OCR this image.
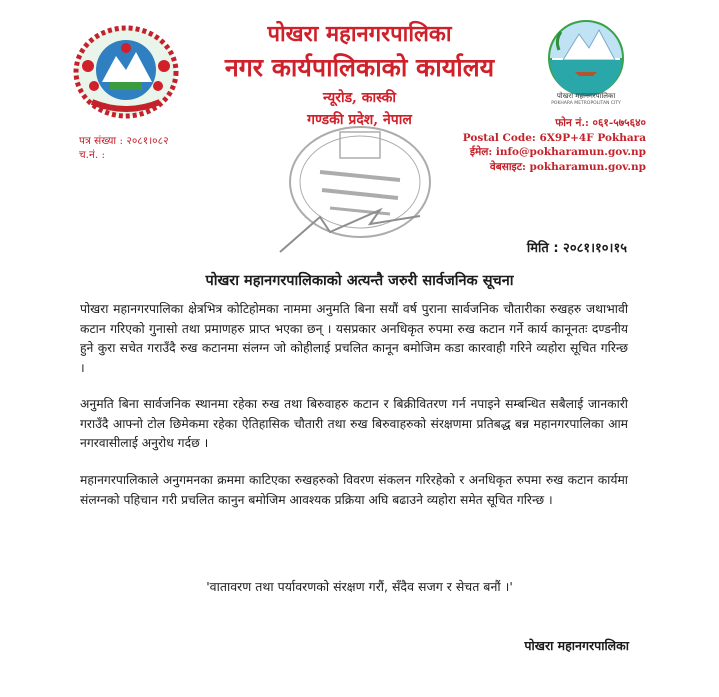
पोखरा महानगरपालिका
POKHARA METROPOLITAN CITY
पोखरा महानगरपालिका
नगर कार्यपालिकाको कार्यालय
न्यूरोड, कास्की
गण्डकी प्रदेश, नेपाल
पत्र संख्या : २०८१।०८२
च.नं. :
फोन नं.: ०६१-५७५६४०
Postal Code: 6X9P+4F Pokhara
ईमेल: info@pokharamun.gov.np
वेबसाइट: pokharamun.gov.np
मिति : २०८१।१०।१५
पोखरा महानगरपालिकाको अत्यन्तै जरुरी सार्वजनिक सूचना
पोखरा महानगरपालिका क्षेत्रभित्र कोटिहोमका नाममा अनुमति बिना सयौं वर्ष पुराना सार्वजनिक चौतारीका रुखहरु जथाभावी कटान गरिएको गुनासो तथा प्रमाणहरु प्राप्त भएका छन् । यसप्रकार अनधिकृत रुपमा रुख कटान गर्ने कार्य कानूनतः दण्डनीय हुने कुरा सचेत गराउँदै रुख कटानमा संलग्न जो कोहीलाई प्रचलित कानून बमोजिम कडा कारवाही गरिने व्यहोरा सूचित गरिन्छ ।
अनुमति बिना सार्वजनिक स्थानमा रहेका रुख तथा बिरुवाहरु कटान र बिक्रीवितरण गर्न नपाइने सम्बन्धित सबैलाई जानकारी गराउँदै आफ्नो टोल छिमेकमा रहेका ऐतिहासिक चौतारी तथा रुख बिरुवाहरुको संरक्षणमा प्रतिबद्ध बन्न महानगरपालिका आम नगरवासीलाई अनुरोध गर्दछ ।
महानगरपालिकाले अनुगमनका क्रममा काटिएका रुखहरुको विवरण संकलन गरिरहेको र अनधिकृत रुपमा रुख कटान कार्यमा संलग्नको पहिचान गरी प्रचलित कानुन बमोजिम आवश्यक प्रक्रिया अघि बढाउने व्यहोरा समेत सूचित गरिन्छ ।
'वातावरण तथा पर्यावरणको संरक्षण गरौं, सँदैव सजग र सेचत बनौं ।'
पोखरा महानगरपालिका
